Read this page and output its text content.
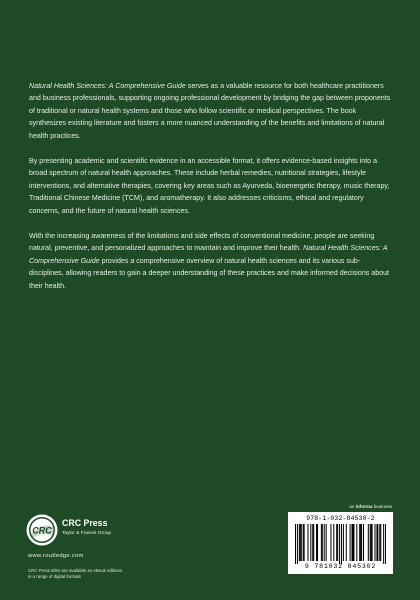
Natural Health Sciences: A Comprehensive Guide serves as a valuable resource for both healthcare practitioners and business professionals, supporting ongoing professional development by bridging the gap between proponents of traditional or natural health systems and those who follow scientific or medical perspectives. The book synthesizes existing literature and fosters a more nuanced understanding of the benefits and limitations of natural health practices.

By presenting academic and scientific evidence in an accessible format, it offers evidence-based insights into a broad spectrum of natural health approaches. These include herbal remedies, nutritional strategies, lifestyle interventions, and alternative therapies, covering key areas such as Ayurveda, bioenergetic therapy, music therapy, Traditional Chinese Medicine (TCM), and aromatherapy. It also addresses criticisms, ethical and regulatory concerns, and the future of natural health sciences.

With the increasing awareness of the limitations and side effects of conventional medicine, people are seeking natural, preventive, and personalized approaches to maintain and improve their health. Natural Health Sciences: A Comprehensive Guide provides a comprehensive overview of natural health sciences and its various sub-disciplines, allowing readers to gain a deeper understanding of these practices and make informed decisions about their health.

an informa business
978-1-032-84530-2
9 781032 845302
CRC
CRC Press
Taylor & Francis Group
www.routledge.com
CRC Press titles are available as eBook editions
in a range of digital formats
